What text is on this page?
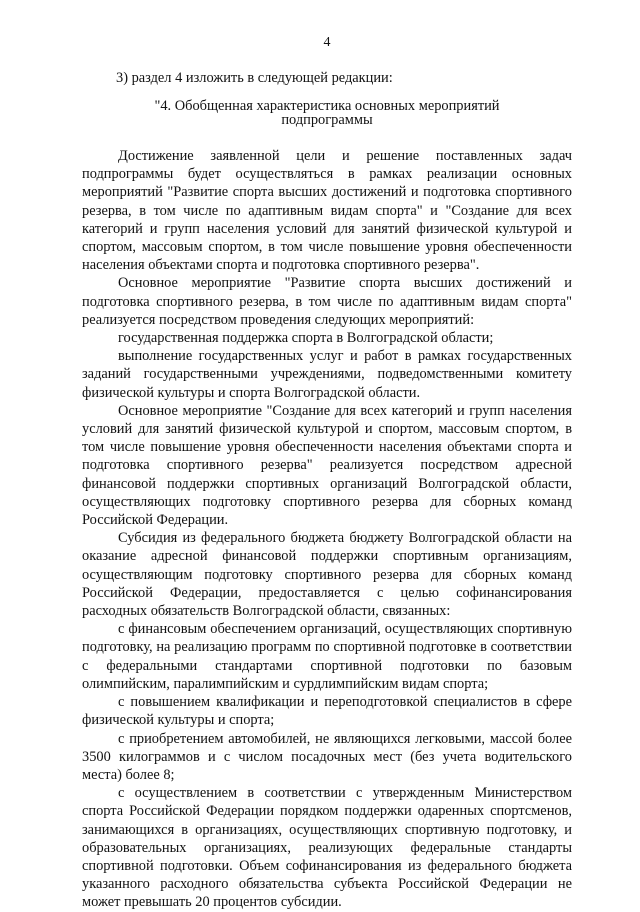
4

3) раздел 4 изложить в следующей редакции:

"4. Обобщенная характеристика основных мероприятий
подпрограммы

Достижение заявленной цели и решение поставленных задач подпрограммы будет осуществляться в рамках реализации основных мероприятий "Развитие спорта высших достижений и подготовка спортивного резерва, в том числе по адаптивным видам спорта" и "Создание для всех категорий и групп населения условий для занятий физической культурой и спортом, массовым спортом, в том числе повышение уровня обеспеченности населения объектами спорта и подготовка спортивного резерва".

Основное мероприятие "Развитие спорта высших достижений и подготовка спортивного резерва, в том числе по адаптивным видам спорта" реализуется посредством проведения следующих мероприятий:

государственная поддержка спорта в Волгоградской области;

выполнение государственных услуг и работ в рамках государственных заданий государственными учреждениями, подведомственными комитету физической культуры и спорта Волгоградской области.

Основное мероприятие "Создание для всех категорий и групп населения условий для занятий физической культурой и спортом, массовым спортом, в том числе повышение уровня обеспеченности населения объектами спорта и подготовка спортивного резерва" реализуется посредством адресной финансовой поддержки спортивных организаций Волгоградской области, осуществляющих подготовку спортивного резерва для сборных команд Российской Федерации.

Субсидия из федерального бюджета бюджету Волгоградской области на оказание адресной финансовой поддержки спортивным организациям, осуществляющим подготовку спортивного резерва для сборных команд Российской Федерации, предоставляется с целью софинансирования расходных обязательств Волгоградской области, связанных:

с финансовым обеспечением организаций, осуществляющих спортивную подготовку, на реализацию программ по спортивной подготовке в соответствии с федеральными стандартами спортивной подготовки по базовым олимпийским, паралимпийским и сурдлимпийским видам спорта;

с повышением квалификации и переподготовкой специалистов в сфере физической культуры и спорта;

с приобретением автомобилей, не являющихся легковыми, массой более 3500 килограммов и с числом посадочных мест (без учета водительского места) более 8;

с осуществлением в соответствии с утвержденным Министерством спорта Российской Федерации порядком поддержки одаренных спортсменов, занимающихся в организациях, осуществляющих спортивную подготовку, и образовательных организациях, реализующих федеральные стандарты спортивной подготовки. Объем софинансирования из федерального бюджета указанного расходного обязательства субъекта Российской Федерации не может превышать 20 процентов субсидии.
